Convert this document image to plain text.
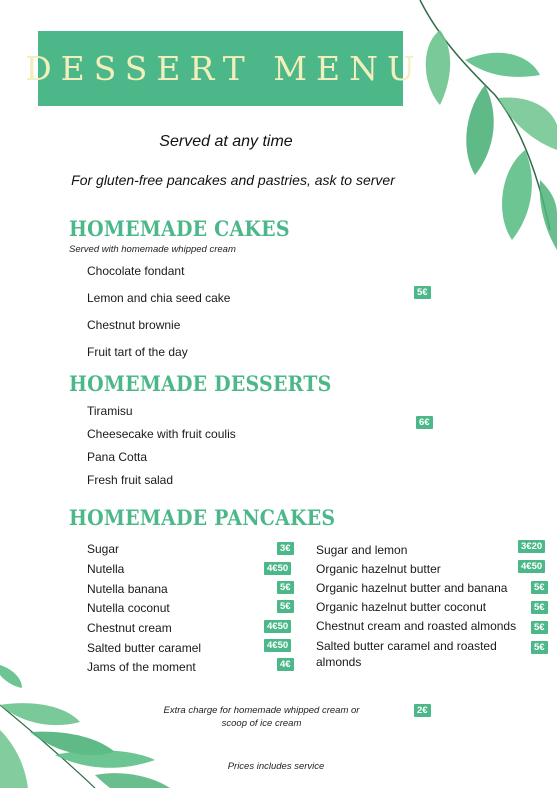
DESSERT MENU
Served at any time
For gluten-free pancakes and pastries, ask to server
HOMEMADE CAKES
Served with homemade whipped cream
Chocolate fondant
Lemon and chia seed cake
Chestnut brownie
Fruit tart of the day
5€
HOMEMADE DESSERTS
Tiramisu
Cheesecake with fruit coulis
Pana Cotta
Fresh fruit salad
6€
HOMEMADE PANCAKES
Sugar	3€
Nutella	4€50
Nutella banana	5€
Nutella coconut	5€
Chestnut cream	4€50
Salted butter caramel	4€50
Jams of the moment	4€
Sugar and lemon	3€20
Organic hazelnut butter	4€50
Organic hazelnut butter and banana	5€
Organic hazelnut butter coconut	5€
Chestnut cream and roasted almonds	5€
Salted butter caramel and roasted almonds
5€
Extra charge for homemade whipped cream or
scoop of ice cream
2€
Prices includes service
